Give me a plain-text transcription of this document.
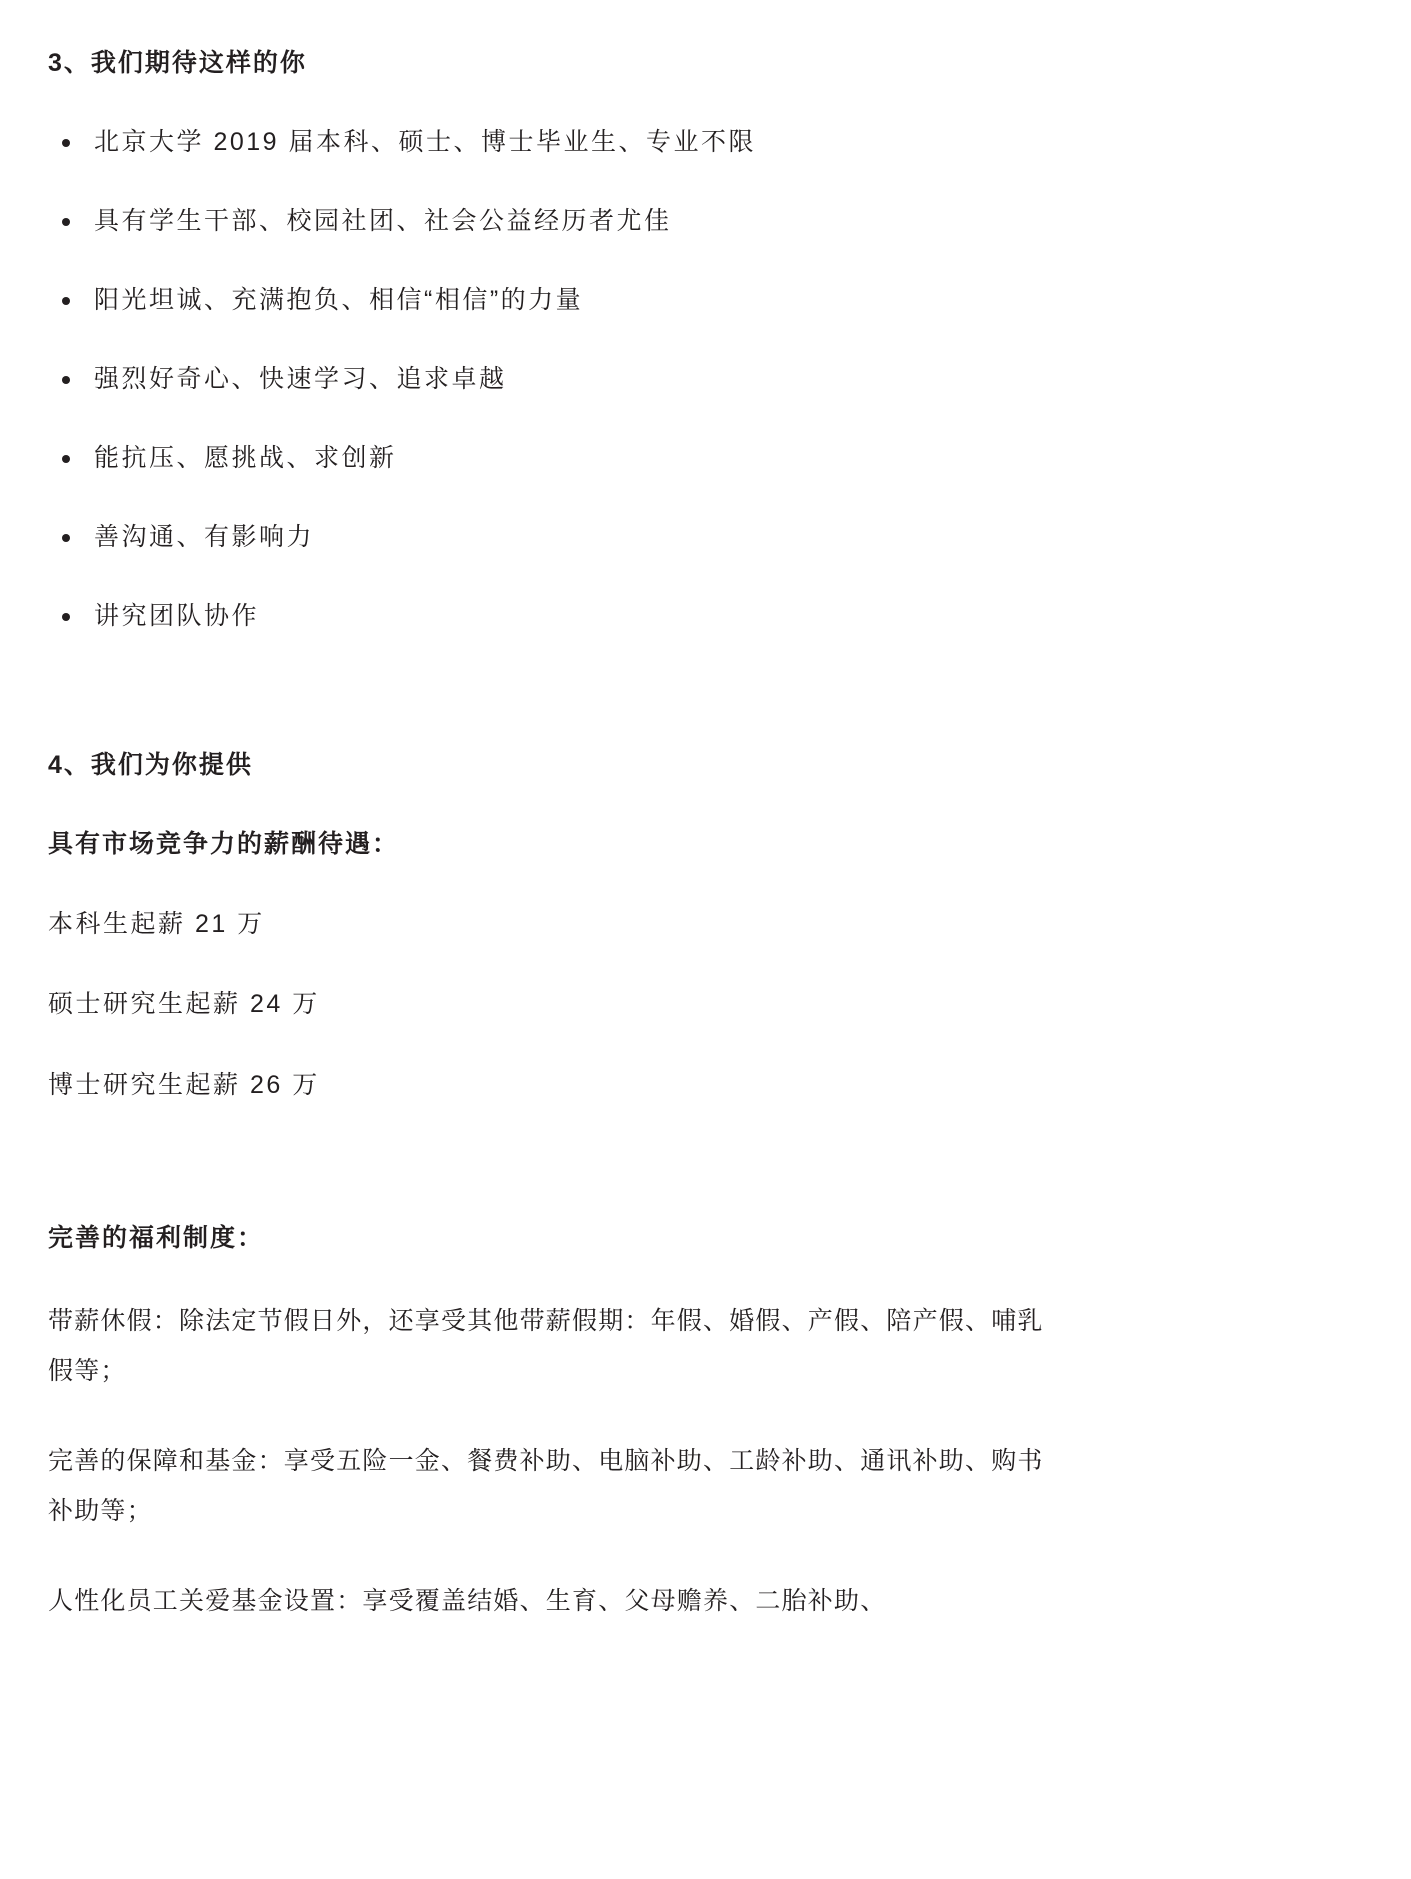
3、我们期待这样的你
北京大学 2019 届本科、硕士、博士毕业生、专业不限
具有学生干部、校园社团、社会公益经历者尤佳
阳光坦诚、充满抱负、相信“相信”的力量
强烈好奇心、快速学习、追求卓越
能抗压、愿挑战、求创新
善沟通、有影响力
讲究团队协作
4、我们为你提供
具有市场竞争力的薪酬待遇：

本科生起薪 21 万

硕士研究生起薪 24 万

博士研究生起薪 26 万

完善的福利制度：

带薪休假：除法定节假日外，还享受其他带薪假期：年假、婚假、产假、陪产假、哺乳假等；

完善的保障和基金：享受五险一金、餐费补助、电脑补助、工龄补助、通讯补助、购书补助等；

人性化员工关爱基金设置：享受覆盖结婚、生育、父母赡养、二胎补助、
